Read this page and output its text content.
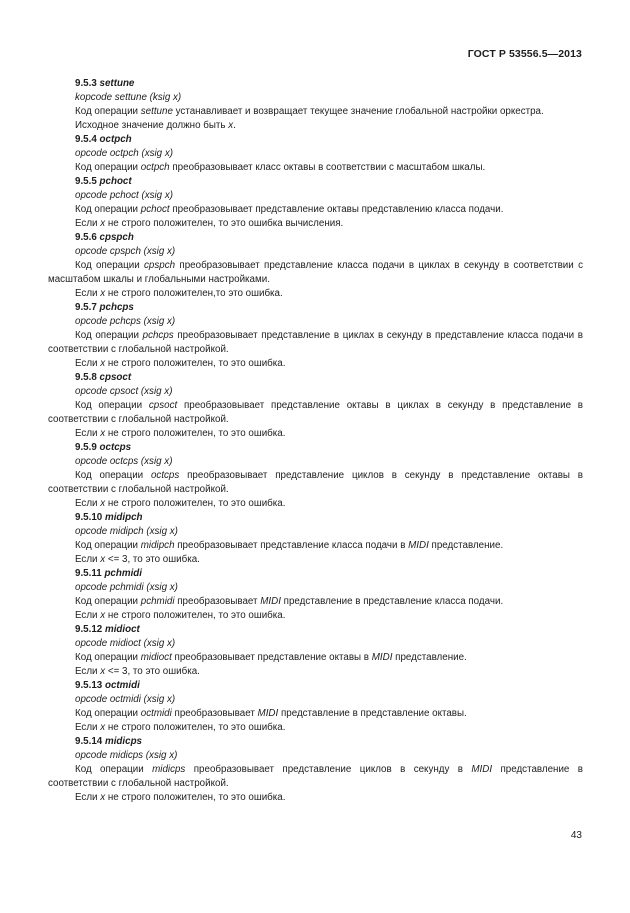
ГОСТ Р 53556.5—2013

9.5.3 settune

kopcode settune (ksig x)

Код операции settune устанавливает и возвращает текущее значение глобальной настройки оркестра.

Исходное значение должно быть x.

9.5.4 octpch

opcode octpch (xsig x)

Код операции octpch преобразовывает класс октавы в соответствии с масштабом шкалы.

9.5.5 pchoct

opcode pchoct (xsig x)

Код операции pchoct преобразовывает представление октавы представлению класса подачи.

Если x не строго положителен, то это ошибка вычисления.

9.5.6 cpspch

opcode cpspch (xsig x)

Код операции cpspch преобразовывает представление класса подачи в циклах в секунду в соответствии с масштабом шкалы и глобальными настройками.

Если x не строго положителен,то это ошибка.

9.5.7 pchcps

opcode pchcps (xsig x)

Код операции pchcps преобразовывает представление в циклах в секунду в представление класса подачи в соответствии с глобальной настройкой.

Если x не строго положителен, то это ошибка.

9.5.8 cpsoct

opcode cpsoct (xsig x)

Код операции cpsoct преобразовывает представление октавы в циклах в секунду в представление в соответствии с глобальной настройкой.

Если x не строго положителен, то это ошибка.

9.5.9 octcps

opcode octcps (xsig x)

Код операции octcps преобразовывает представление циклов в секунду в представление октавы в соответствии с глобальной настройкой.

Если x не строго положителен, то это ошибка.

9.5.10 midipch

opcode midipch (xsig x)

Код операции midipch преобразовывает представление класса подачи в MIDI представление.

Если x <= 3, то это ошибка.

9.5.11 pchmidi

opcode pchmidi (xsig x)

Код операции pchmidi преобразовывает MIDI представление в представление класса подачи.

Если x не строго положителен, то это ошибка.

9.5.12 midioct

opcode midioct (xsig x)

Код операции midioct преобразовывает представление октавы в MIDI представление.

Если x <= 3, то это ошибка.

9.5.13 octmidi

opcode octmidi (xsig x)

Код операции octmidi преобразовывает MIDI представление в представление октавы.

Если x не строго положителен, то это ошибка.

9.5.14 midicps

opcode midicps (xsig x)

Код операции midicps преобразовывает представление циклов в секунду в MIDI представление в соответствии с глобальной настройкой.

Если x не строго положителен, то это ошибка.

43
